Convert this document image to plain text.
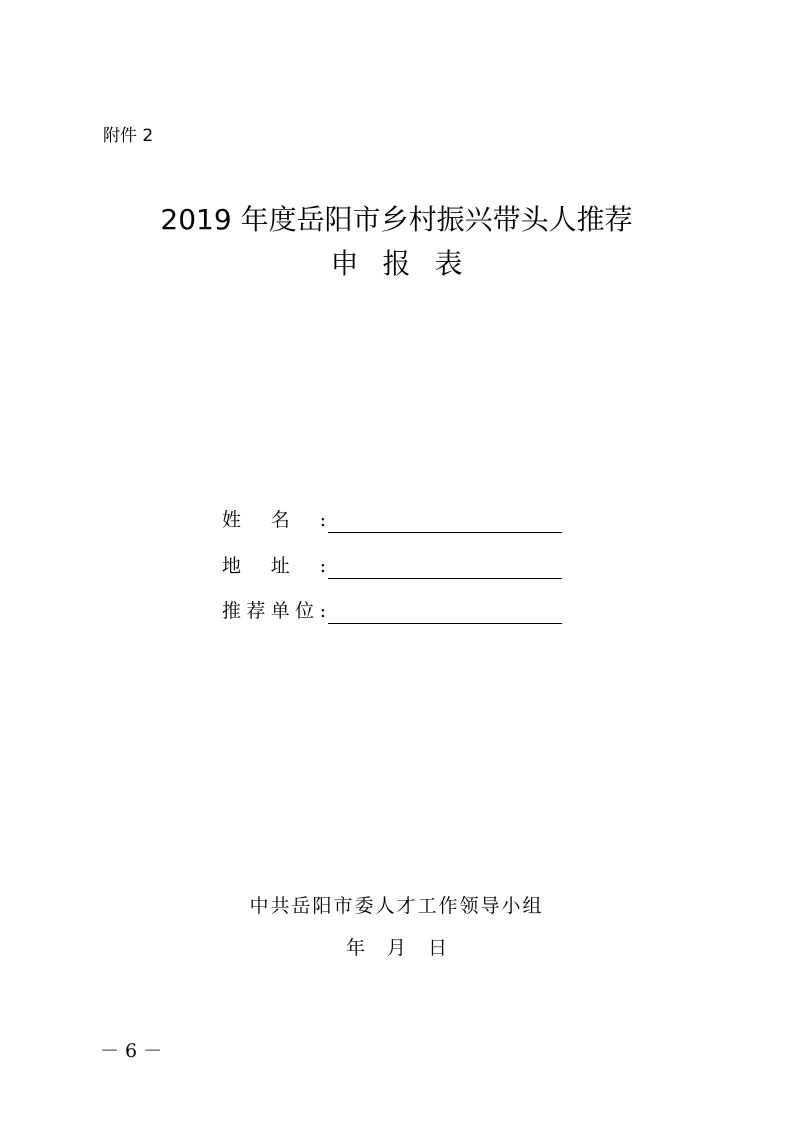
附件 2
2019 年度岳阳市乡村振兴带头人推荐
申报表
姓 名 :
地 址 :
推 荐 单 位 :
中共岳阳市委人才工作领导小组
年月日
－ 6 －
